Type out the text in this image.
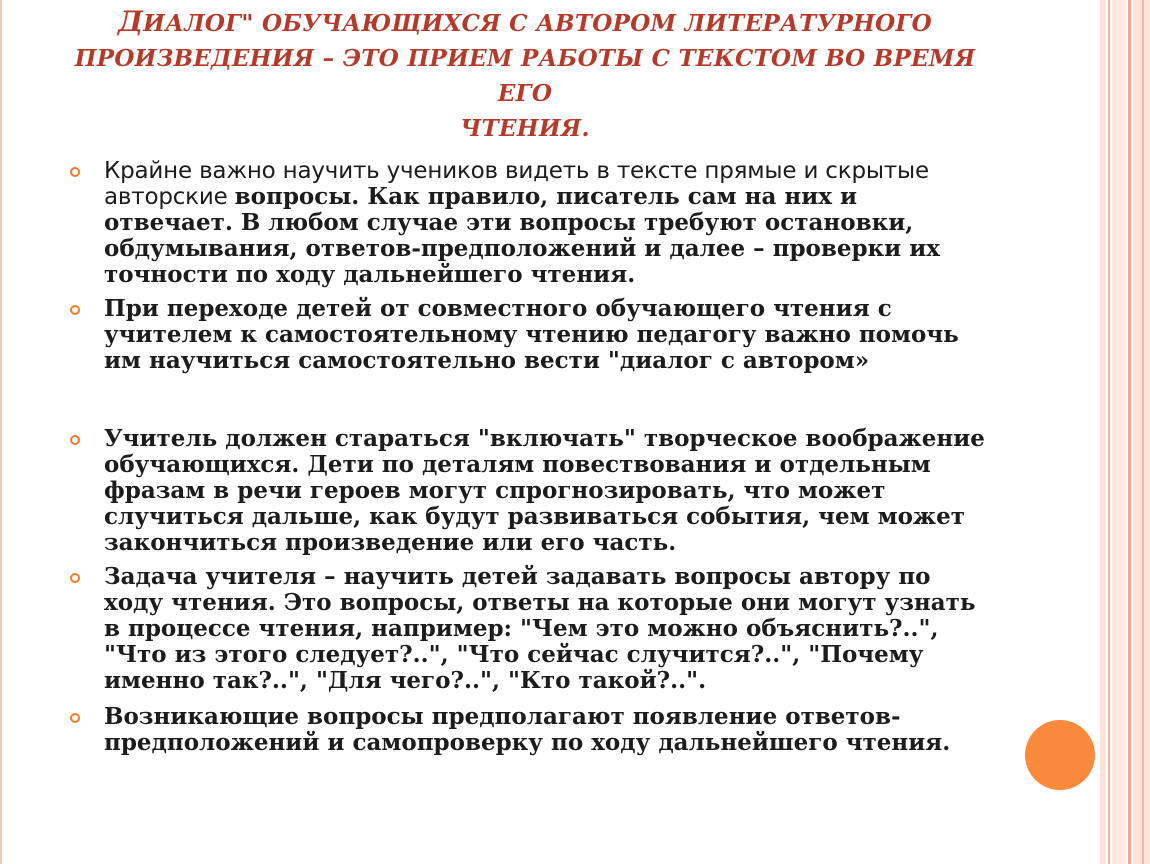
ДИАЛОГ" ОБУЧАЮЩИХСЯ С АВТОРОМ ЛИТЕРАТУРНОГО
ПРОИЗВЕДЕНИЯ – ЭТО ПРИЕМ РАБОТЫ С ТЕКСТОМ ВО ВРЕМЯ ЕГО
ЧТЕНИЯ.
Крайне важно научить учеников видеть в тексте прямые и скрытые авторские вопросы. Как правило, писатель сам на них и отвечает. В любом случае эти вопросы требуют остановки, обдумывания, ответов-предположений и далее – проверки их точности по ходу дальнейшего чтения.
При переходе детей от совместного обучающего чтения с учителем к самостоятельному чтению педагогу важно помочь им научиться самостоятельно вести "диалог с автором»
Учитель должен стараться "включать" творческое воображение обучающихся. Дети по деталям повествования и отдельным фразам в речи героев могут спрогнозировать, что может случиться дальше, как будут развиваться события, чем может закончиться произведение или его часть.
Задача учителя – научить детей задавать вопросы автору по ходу чтения. Это вопросы, ответы на которые они могут узнать в процессе чтения, например: "Чем это можно объяснить?..", "Что из этого следует?..", "Что сейчас случится?..", "Почему именно так?..", "Для чего?..", "Кто такой?..".
Возникающие вопросы предполагают появление ответов-предположений и самопроверку по ходу дальнейшего чтения.
